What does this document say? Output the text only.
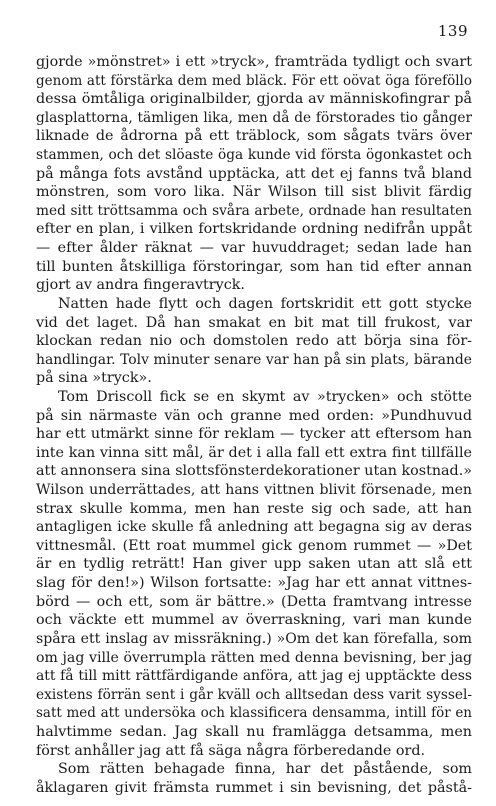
139
gjorde »mönstret» i ett »tryck», framträda tydligt och svart
genom att förstärka dem med bläck. För ett oövat öga föreföllo
dessa ömtåliga originalbilder, gjorda av människofingrar på
glasplattorna, tämligen lika, men då de förstorades tio gånger
liknade de ådrorna på ett träblock, som sågats tvärs över
stammen, och det slöaste öga kunde vid första ögonkastet och
på många fots avstånd upptäcka, att det ej fanns två bland
mönstren, som voro lika. När Wilson till sist blivit färdig
med sitt tröttsamma och svåra arbete, ordnade han resultaten
efter en plan, i vilken fortskridande ordning nedifrån uppåt
— efter ålder räknat — var huvuddraget; sedan lade han
till bunten åtskilliga förstoringar, som han tid efter annan
gjort av andra fingeravtryck.
Natten hade flytt och dagen fortskridit ett gott stycke
vid det laget. Då han smakat en bit mat till frukost, var
klockan redan nio och domstolen redo att börja sina för-
handlingar. Tolv minuter senare var han på sin plats, bärande
på sina »tryck».
Tom Driscoll fick se en skymt av »trycken» och stötte
på sin närmaste vän och granne med orden: »Pundhuvud
har ett utmärkt sinne för reklam — tycker att eftersom han
inte kan vinna sitt mål, är det i alla fall ett extra fint tillfälle
att annonsera sina slottsfönsterdekorationer utan kostnad.»
Wilson underrättades, att hans vittnen blivit försenade, men
strax skulle komma, men han reste sig och sade, att han
antagligen icke skulle få anledning att begagna sig av deras
vittnesmål. (Ett roat mummel gick genom rummet — »Det
är en tydlig reträtt! Han giver upp saken utan att slå ett
slag för den!») Wilson fortsatte: »Jag har ett annat vittnes-
börd — och ett, som är bättre.» (Detta framtvang intresse
och väckte ett mummel av överraskning, vari man kunde
spåra ett inslag av missräkning.) »Om det kan förefalla, som
om jag ville överrumpla rätten med denna bevisning, ber jag
att få till mitt rättfärdigande anföra, att jag ej upptäckte dess
existens förrän sent i går kväll och alltsedan dess varit syssel-
satt med att undersöka och klassificera densamma, intill för en
halvtimme sedan. Jag skall nu framlägga detsamma, men
först anhåller jag att få säga några förberedande ord.
Som rätten behagade finna, har det påstående, som
åklagaren givit främsta rummet i sin bevisning, det påstå-
